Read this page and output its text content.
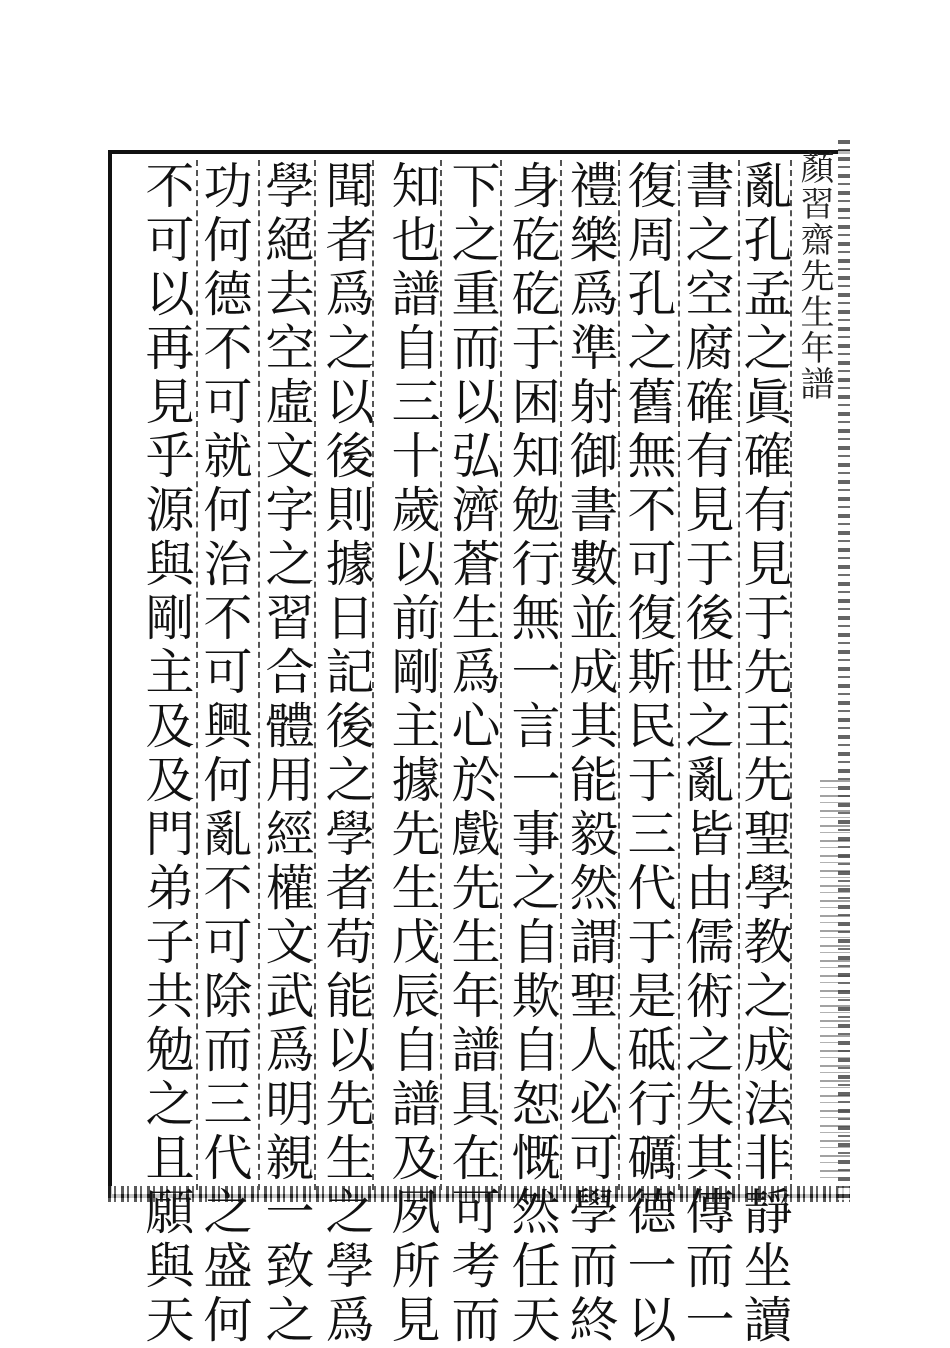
顏習齋先生年譜
亂孔孟之眞確有見于先王先聖學教之成法非靜坐讀
書之空腐確有見于後世之亂皆由儒術之失其傳而一
復周孔之舊無不可復斯民于三代于是砥行礪德一以
禮樂爲準射御書數並成其能毅然謂聖人必可學而終
身矻矻于困知勉行無一言一事之自欺自恕慨然任天
下之重而以弘濟蒼生爲心於戲先生年譜具在可考而
知也譜自三十歲以前剛主據先生戊辰自譜及夙所見
聞者爲之以後則據日記後之學者苟能以先生之學爲
學絕去空虛文字之習合體用經權文武爲明親一致之
功何德不可就何治不可興何亂不可除而三代之盛何
不可以再見乎源與剛主及及門弟子共勉之且願與天
